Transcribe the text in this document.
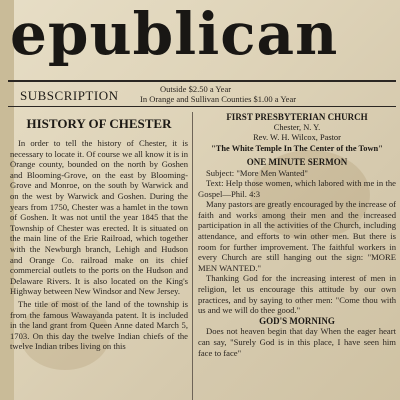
epublican
SUBSCRIPTION	Outside $2.50 a Year
In Orange and Sullivan Counties $1.00 a Year
HISTORY OF CHESTER

In order to tell the history of Chester, it is necessary to locate it. Of course we all know it is in Orange county, bounded on the north by Goshen and Blooming-Grove, on the east by Blooming-Grove and Monroe, on the south by Warwick and on the west by Warwick and Goshen. During the years from 1750, Chester was a hamlet in the town of Goshen. It was not until the year 1845 that the Township of Chester was erected. It is situated on the main line of the Erie Railroad, which together with the Newburgh branch, Lehigh and Hudson and Orange Co. railroad make on its chief commercial outlets to the ports on the Hudson and Delaware Rivers. It is also located on the King's Highway between New Windsor and New Jersey.

The title of most of the land of the township is from the famous Wawayanda patent. It is included in the land grant from Queen Anne dated March 5, 1703. On this day the twelve Indian chiefs of the twelve Indian tribes living on this

FIRST PRESBYTERIAN CHURCH
Chester, N. Y.
Rev. W. H. Wilcox, Pastor
"The White Temple In The Center of the Town"
ONE MINUTE SERMON

Subject: "More Men Wanted"

Text: Help those women, which labored with me in the Gospel—Phil. 4:3

Many pastors are greatly encouraged by the increase of faith and works among their men and the increased participation in all the activities of the Church, including attendance, and efforts to win other men. But there is room for further improvement. The faithful workers in every Church are still hanging out the sign: "MORE MEN WANTED."

Thanking God for the increasing interest of men in religion, let us encourage this attitude by our own practices, and by saying to other men: "Come thou with us and we will do thee good."

GOD'S MORNING

Does not heaven begin that day When the eager heart can say, "Surely God is in this place, I have seen him face to face"
